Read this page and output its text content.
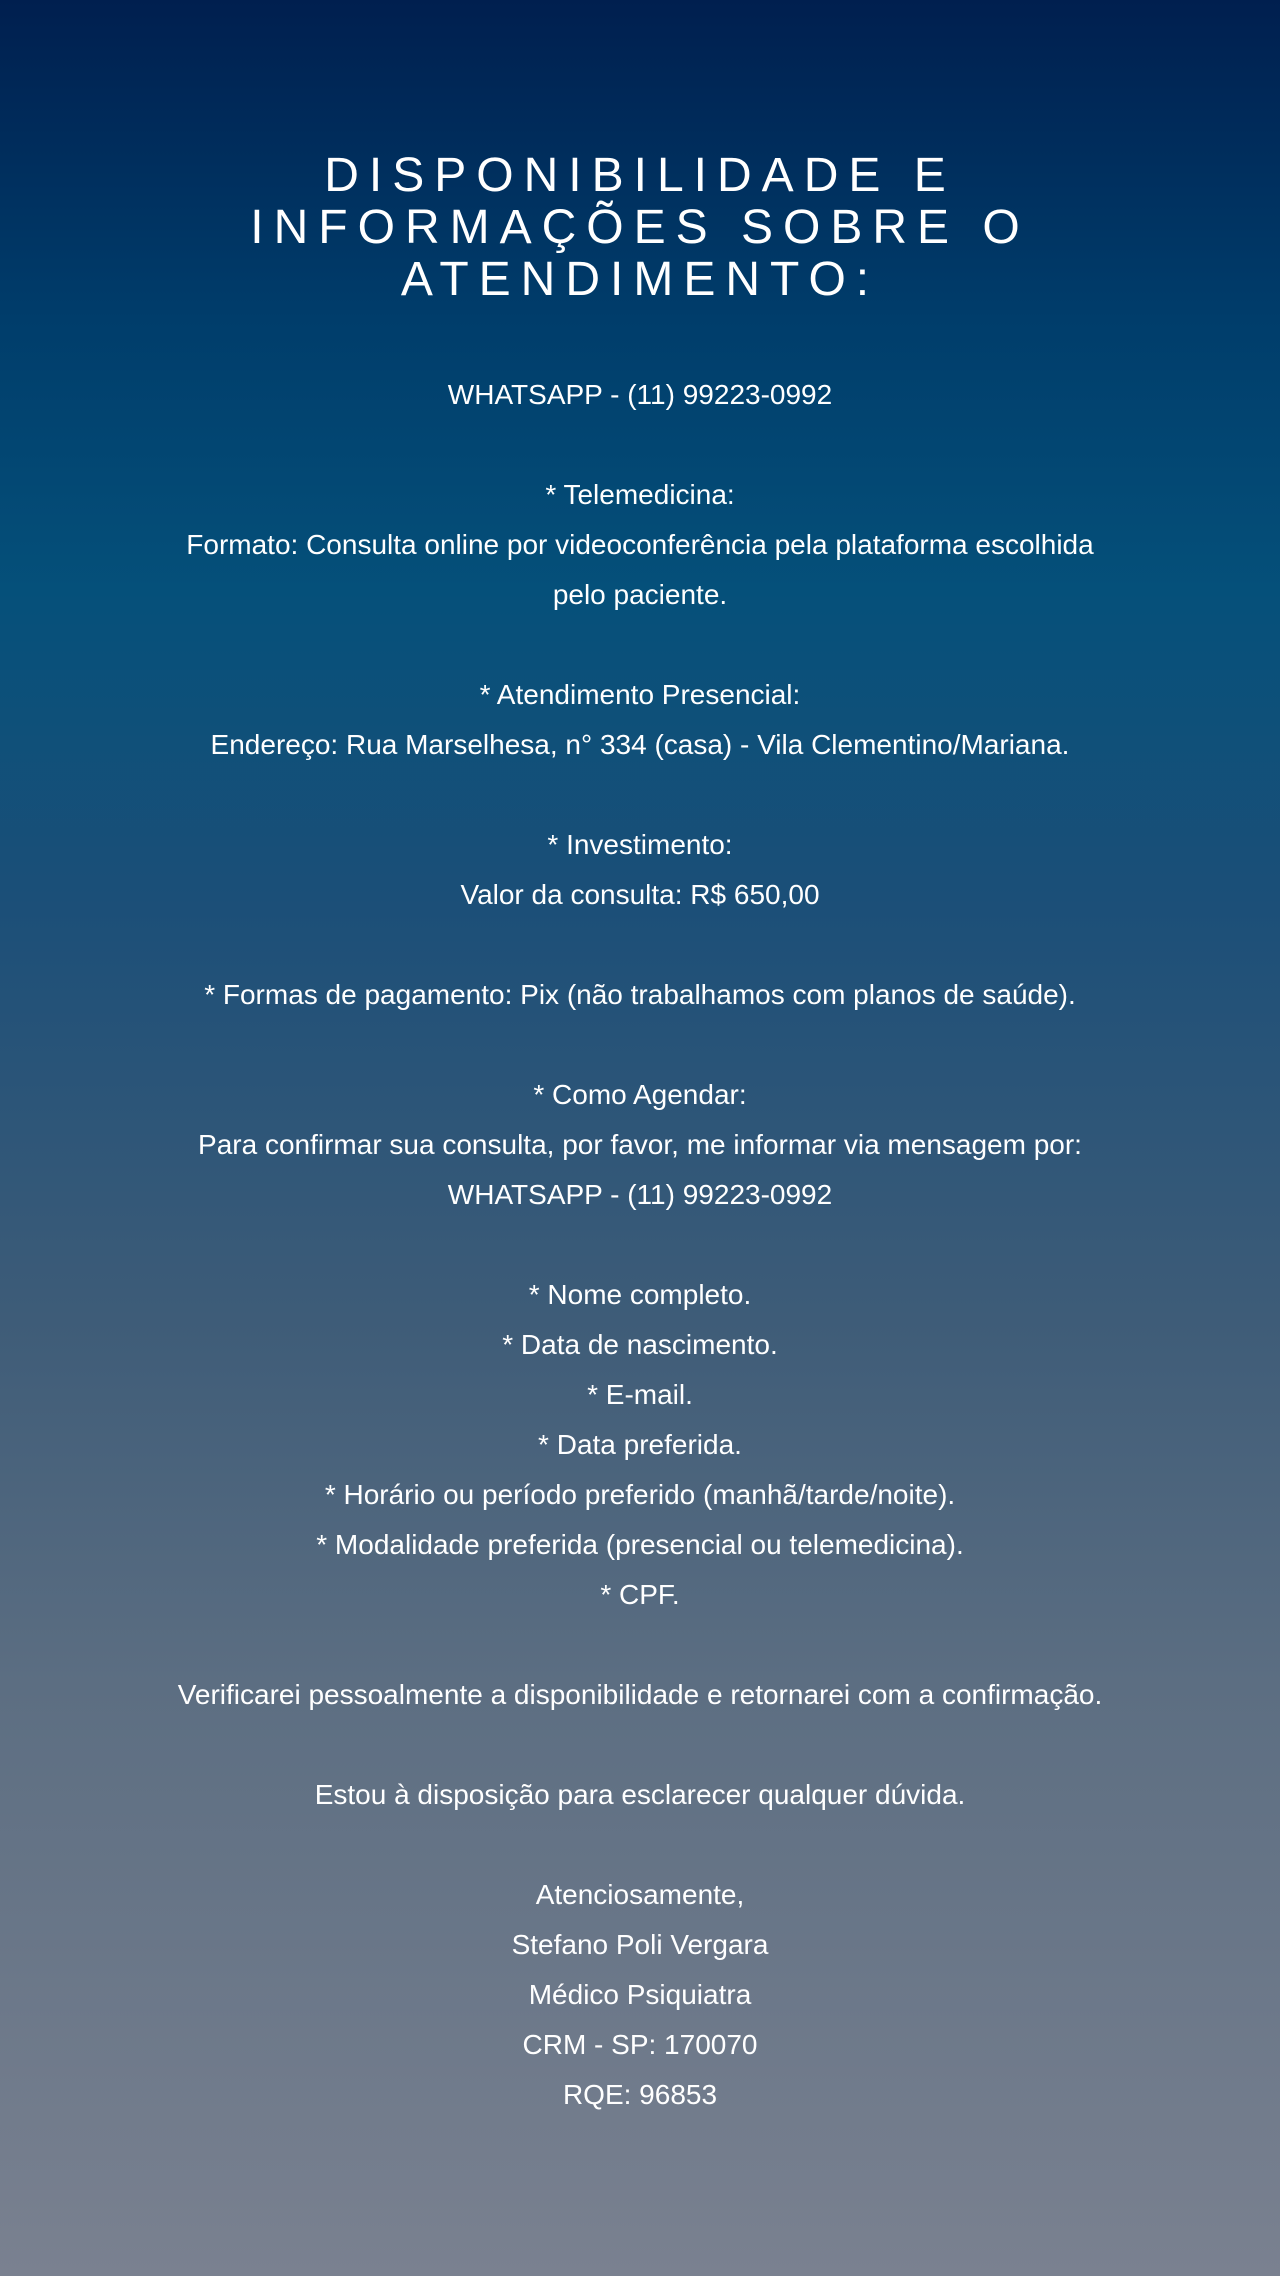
DISPONIBILIDADE E
INFORMAÇÕES SOBRE O
ATENDIMENTO:
WHATSAPP - (11) 99223-0992
* Telemedicina:
Formato: Consulta online por videoconferência pela plataforma escolhida
pelo paciente.
* Atendimento Presencial:
Endereço: Rua Marselhesa, n° 334 (casa) - Vila Clementino/Mariana.
* Investimento:
Valor da consulta: R$ 650,00
* Formas de pagamento: Pix (não trabalhamos com planos de saúde).
* Como Agendar:
Para confirmar sua consulta, por favor, me informar via mensagem por:
WHATSAPP - (11) 99223-0992
* Nome completo.
* Data de nascimento.
* E-mail.
* Data preferida.
* Horário ou período preferido (manhã/tarde/noite).
* Modalidade preferida (presencial ou telemedicina).
* CPF.
Verificarei pessoalmente a disponibilidade e retornarei com a confirmação.
Estou à disposição para esclarecer qualquer dúvida.
Atenciosamente,
Stefano Poli Vergara
Médico Psiquiatra
CRM - SP: 170070
RQE: 96853
